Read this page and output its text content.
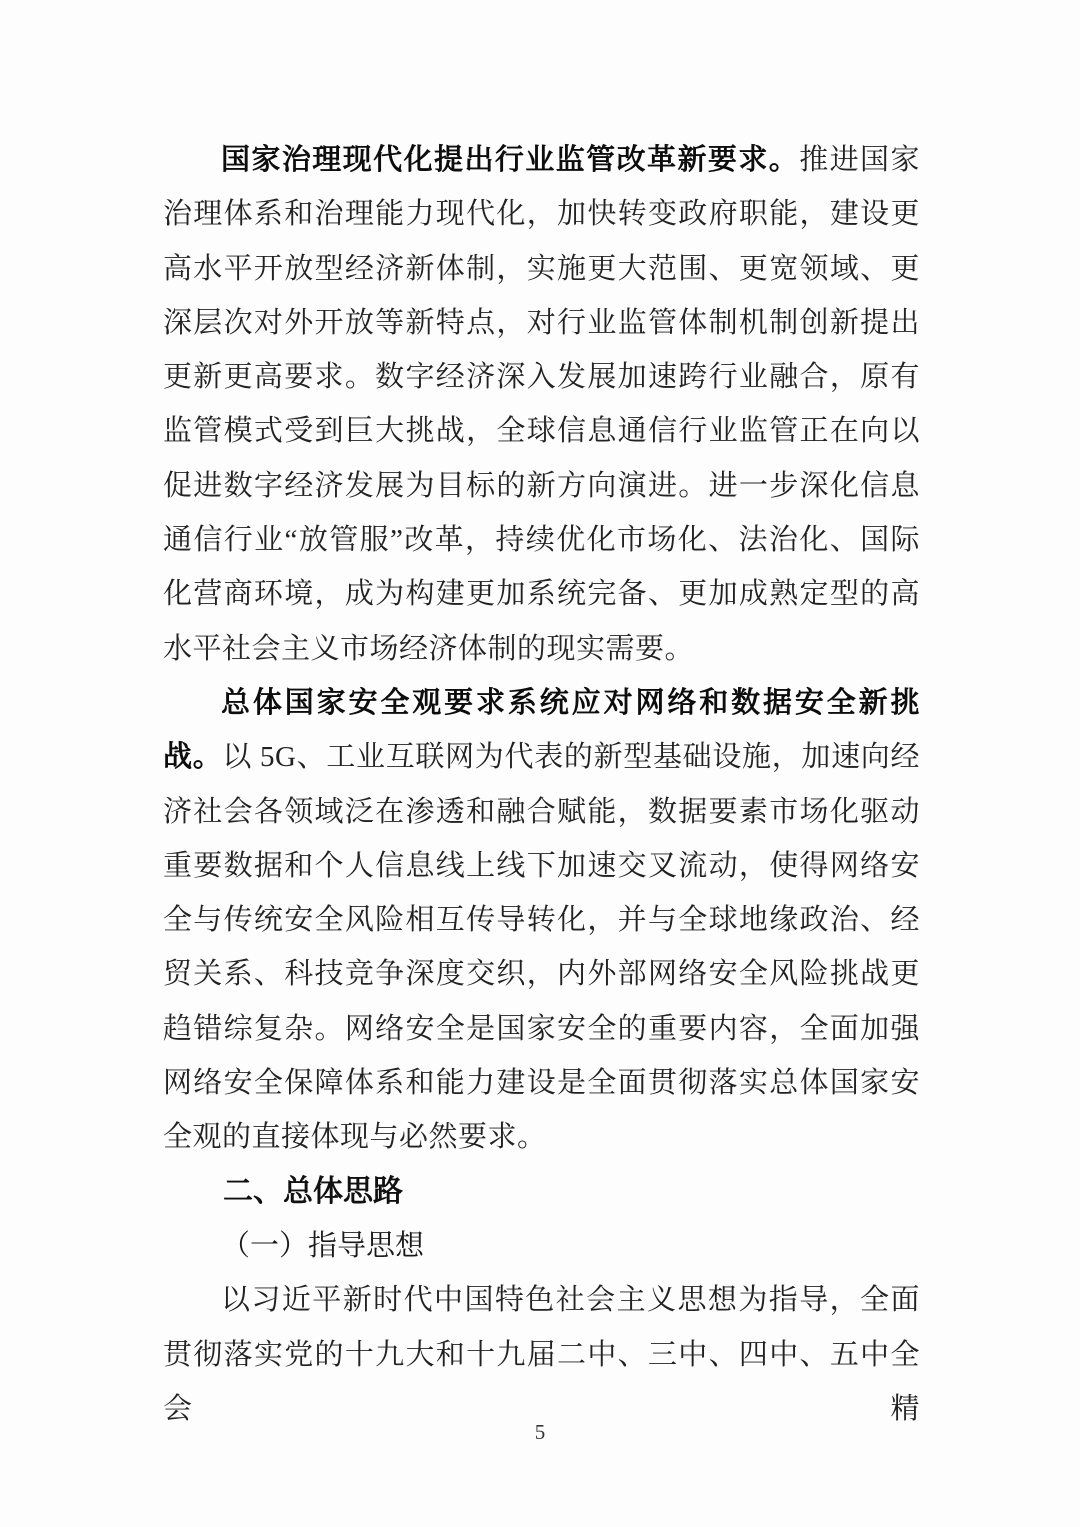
国家治理现代化提出行业监管改革新要求。推进国家治理体系和治理能力现代化，加快转变政府职能，建设更高水平开放型经济新体制，实施更大范围、更宽领域、更深层次对外开放等新特点，对行业监管体制机制创新提出更新更高要求。数字经济深入发展加速跨行业融合，原有监管模式受到巨大挑战，全球信息通信行业监管正在向以促进数字经济发展为目标的新方向演进。进一步深化信息通信行业“放管服”改革，持续优化市场化、法治化、国际化营商环境，成为构建更加系统完备、更加成熟定型的高水平社会主义市场经济体制的现实需要。

总体国家安全观要求系统应对网络和数据安全新挑战。以 5G、工业互联网为代表的新型基础设施，加速向经济社会各领域泛在渗透和融合赋能，数据要素市场化驱动重要数据和个人信息线上线下加速交叉流动，使得网络安全与传统安全风险相互传导转化，并与全球地缘政治、经贸关系、科技竞争深度交织，内外部网络安全风险挑战更趋错综复杂。网络安全是国家安全的重要内容，全面加强网络安全保障体系和能力建设是全面贯彻落实总体国家安全观的直接体现与必然要求。

二、总体思路
（一）指导思想

以习近平新时代中国特色社会主义思想为指导，全面贯彻落实党的十九大和十九届二中、三中、四中、五中全会精

5
